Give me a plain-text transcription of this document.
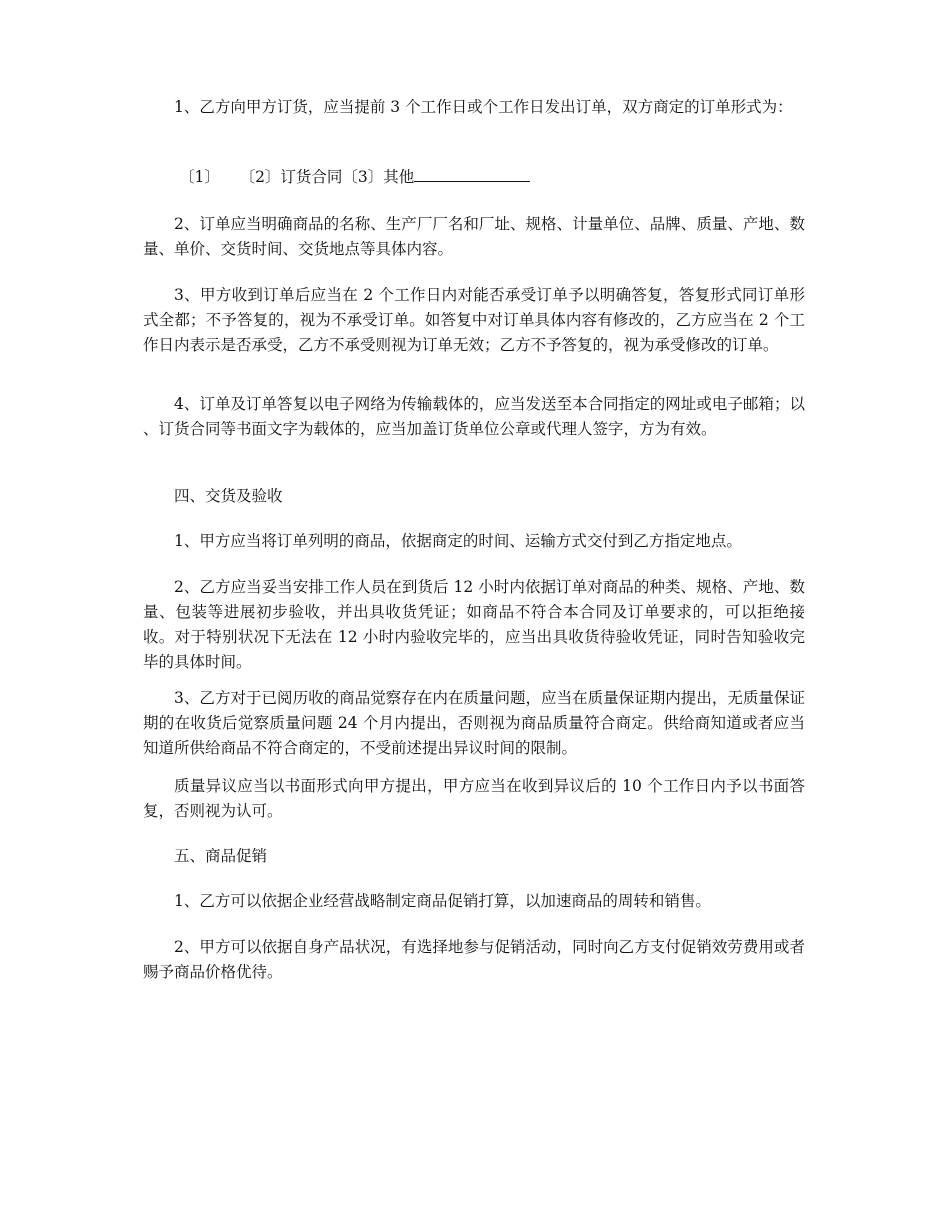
1、乙方向甲方订货，应当提前 3 个工作日或个工作日发出订单，双方商定的订单形式为：

〔1〕    〔2〕订货合同〔3〕其他

2、订单应当明确商品的名称、生产厂厂名和厂址、规格、计量单位、品牌、质量、产地、数量、单价、交货时间、交货地点等具体内容。

3、甲方收到订单后应当在 2 个工作日内对能否承受订单予以明确答复，答复形式同订单形式全都；不予答复的，视为不承受订单。如答复中对订单具体内容有修改的，乙方应当在 2 个工作日内表示是否承受，乙方不承受则视为订单无效；乙方不予答复的，视为承受修改的订单。

4、订单及订单答复以电子网络为传输载体的，应当发送至本合同指定的网址或电子邮箱；以    、订货合同等书面文字为载体的，应当加盖订货单位公章或代理人签字，方为有效。

四、交货及验收

1、甲方应当将订单列明的商品，依据商定的时间、运输方式交付到乙方指定地点。

2、乙方应当妥当安排工作人员在到货后 12 小时内依据订单对商品的种类、规格、产地、数量、包装等进展初步验收，并出具收货凭证；如商品不符合本合同及订单要求的，可以拒绝接收。对于特别状况下无法在 12 小时内验收完毕的，应当出具收货待验收凭证，同时告知验收完毕的具体时间。

3、乙方对于已阅历收的商品觉察存在内在质量问题，应当在质量保证期内提出，无质量保证期的在收货后觉察质量问题 24 个月内提出，否则视为商品质量符合商定。供给商知道或者应当知道所供给商品不符合商定的，不受前述提出异议时间的限制。

质量异议应当以书面形式向甲方提出，甲方应当在收到异议后的 10 个工作日内予以书面答复，否则视为认可。

五、商品促销

1、乙方可以依据企业经营战略制定商品促销打算，以加速商品的周转和销售。

2、甲方可以依据自身产品状况，有选择地参与促销活动，同时向乙方支付促销效劳费用或者赐予商品价格优待。
